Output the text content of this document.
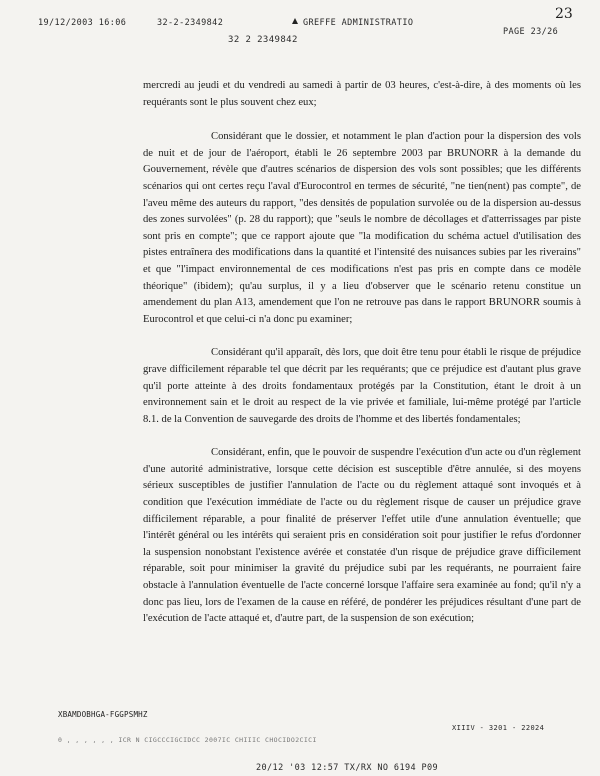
19/12/2003 16:06	32-2-2349842	GREFFE ADMINISTRATIO
PAGE 23/26
23
32 2 2349842

mercredi au jeudi et du vendredi au samedi à partir de 03 heures, c'est-à-dire, à des moments où les requérants sont le plus souvent chez eux;

Considérant que le dossier, et notamment le plan d'action pour la dispersion des vols de nuit et de jour de l'aéroport, établi le 26 septembre 2003 par BRUNORR à la demande du Gouvernement, révèle que d'autres scénarios de dispersion des vols sont possibles; que les différents scénarios qui ont certes reçu l'aval d'Eurocontrol en termes de sécurité, "ne tien(nent) pas compte", de l'aveu même des auteurs du rapport, "des densités de population survolée ou de la dispersion au-dessus des zones survolées" (p. 28 du rapport); que "seuls le nombre de décollages et d'atterrissages par piste sont pris en compte"; que ce rapport ajoute que "la modification du schéma actuel d'utilisation des pistes entraînera des modifications dans la quantité et l'intensité des nuisances subies par les riverains" et que "l'impact environnemental de ces modifications n'est pas pris en compte dans ce modèle théorique" (ibidem); qu'au surplus, il y a lieu d'observer que le scénario retenu constitue un amendement du plan A13, amendement que l'on ne retrouve pas dans le rapport BRUNORR soumis à Eurocontrol et que celui-ci n'a donc pu examiner;

Considérant qu'il apparaît, dès lors, que doit être tenu pour établi le risque de préjudice grave difficilement réparable tel que décrit par les requérants; que ce préjudice est d'autant plus grave qu'il porte atteinte à des droits fondamentaux protégés par la Constitution, étant le droit à un environnement sain et le droit au respect de la vie privée et familiale, lui-même protégé par l'article 8.1. de la Convention de sauvegarde des droits de l'homme et des libertés fondamentales;

Considérant, enfin, que le pouvoir de suspendre l'exécution d'un acte ou d'un règlement d'une autorité administrative, lorsque cette décision est susceptible d'être annulée, si des moyens sérieux susceptibles de justifier l'annulation de l'acte ou du règlement attaqué sont invoqués et à condition que l'exécution immédiate de l'acte ou du règlement risque de causer un préjudice grave difficilement réparable, a pour finalité de préserver l'effet utile d'une annulation éventuelle; que l'intérêt général ou les intérêts qui seraient pris en considération soit pour justifier le refus d'ordonner la suspension nonobstant l'existence avérée et constatée d'un risque de préjudice grave difficilement réparable, soit pour minimiser la gravité du préjudice subi par les requérants, ne pourraient faire obstacle à l'annulation éventuelle de l'acte concerné lorsque l'affaire sera examinée au fond; qu'il n'y a donc pas lieu, lors de l'examen de la cause en référé, de pondérer les préjudices résultant d'une part de l'exécution de l'acte attaqué et, d'autre part, de la suspension de son exécution;

XBAMDOBHGA-FGGPSMHZ
XIIIV - 3201 - 22024
0 , , , , , , ICR N CIGCCCIGCIDCC 2007IC CHIIIC CHOCIDO2CICI
20/12 '03 12:57 TX/RX NO 6194 P09
